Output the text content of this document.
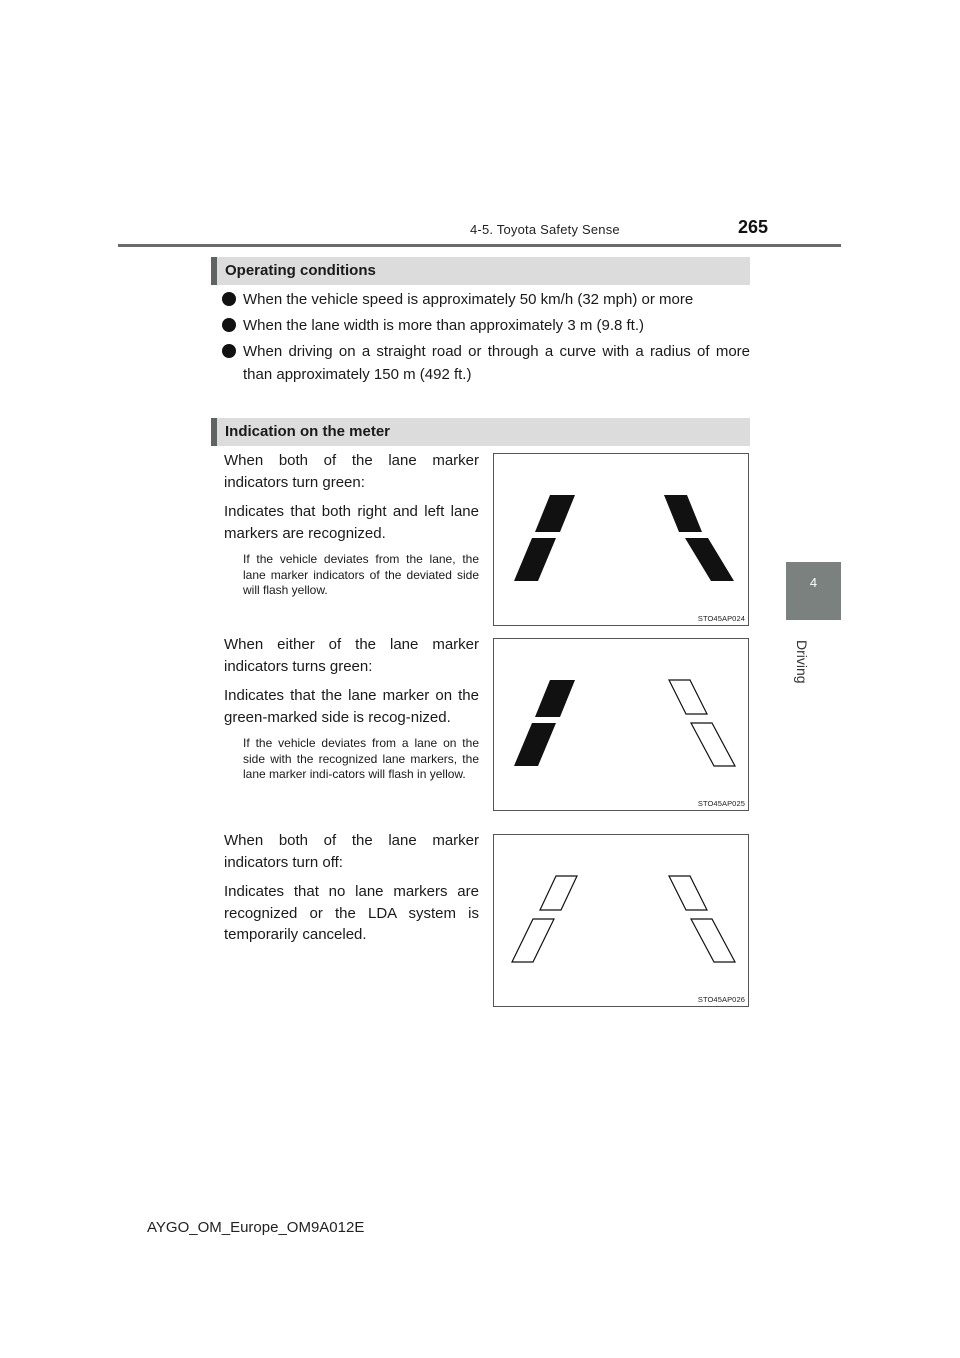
4-5. Toyota Safety Sense	265
4
Driving
Operating conditions
When the vehicle speed is approximately 50 km/h (32 mph) or more
When the lane width is more than approximately 3 m (9.8 ft.)
When driving on a straight road or through a curve with a radius of more than approximately 150 m (492 ft.)
Indication on the meter

When both of the lane marker indicators turn green:

Indicates that both right and left lane markers are recognized.

If the vehicle deviates from the lane, the lane marker indicators of the deviated side will flash yellow.

STO45AP024

When either of the lane marker indicators turns green:

Indicates that the lane marker on the green-marked side is recog-nized.

If the vehicle deviates from a lane on the side with the recognized lane markers, the lane marker indi-cators will flash in yellow.

STO45AP025

When both of the lane marker indicators turn off:

Indicates that no lane markers are recognized or the LDA system is temporarily canceled.

STO45AP026
AYGO_OM_Europe_OM9A012E
